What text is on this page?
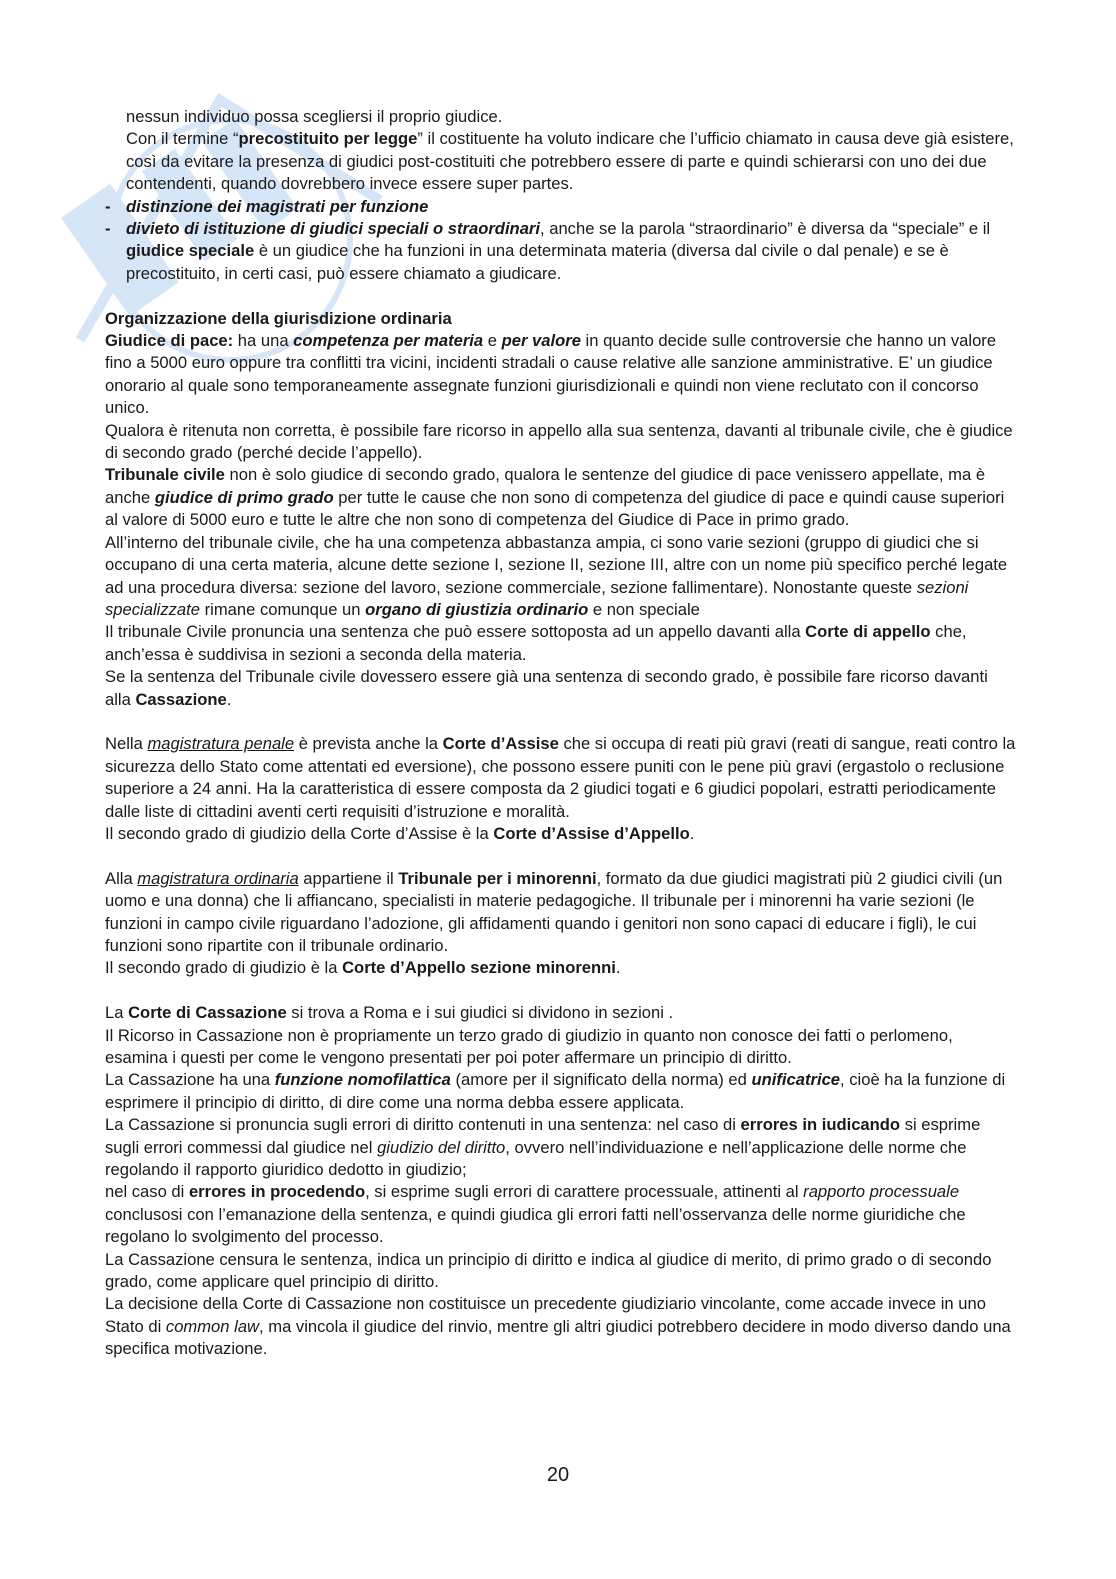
nessun individuo possa scegliersi il proprio giudice.
Con il termine “precostituito per legge” il costituente ha voluto indicare che l’ufficio chiamato in causa deve già esistere, così da evitare la presenza di giudici post-costituiti che potrebbero essere di parte e quindi schierarsi con uno dei due contendenti, quando dovrebbero invece essere super partes.

- distinzione dei magistrati per funzione
- divieto di istituzione di giudici speciali o straordinari, anche se la parola “straordinario” è diversa da “speciale” e il giudice speciale è un giudice che ha funzioni in una determinata materia (diversa dal civile o dal penale) e se è precostituito, in certi casi, può essere chiamato a giudicare.

Organizzazione della giurisdizione ordinaria

Giudice di pace: ha una competenza per materia e per valore in quanto decide sulle controversie che hanno un valore fino a 5000 euro oppure tra conflitti tra vicini, incidenti stradali o cause relative alle sanzione amministrative. E’ un giudice onorario al quale sono temporaneamente assegnate funzioni giurisdizionali e quindi non viene reclutato con il concorso unico.

Qualora è ritenuta non corretta, è possibile fare ricorso in appello alla sua sentenza, davanti al tribunale civile, che è giudice di secondo grado (perché decide l’appello).

Tribunale civile non è solo giudice di secondo grado, qualora le sentenze del giudice di pace venissero appellate, ma è anche giudice di primo grado per tutte le cause che non sono di competenza del giudice di pace e quindi cause superiori al valore di 5000 euro e tutte le altre che non sono di competenza del Giudice di Pace in primo grado.

All’interno del tribunale civile, che ha una competenza abbastanza ampia, ci sono varie sezioni (gruppo di giudici che si occupano di una certa materia, alcune dette sezione I, sezione II, sezione III, altre con un nome più specifico perché legate ad una procedura diversa: sezione del lavoro, sezione commerciale, sezione fallimentare). Nonostante queste sezioni specializzate rimane comunque un organo di giustizia ordinario e non speciale

Il tribunale Civile pronuncia una sentenza che può essere sottoposta ad un appello davanti alla Corte di appello che, anch’essa è suddivisa in sezioni a seconda della materia.

Se la sentenza del Tribunale civile dovessero essere già una sentenza di secondo grado, è possibile fare ricorso davanti alla Cassazione.

Nella magistratura penale è prevista anche la Corte d’Assise che si occupa di reati più gravi (reati di sangue, reati contro la sicurezza dello Stato come attentati ed eversione), che possono essere puniti con le pene più gravi (ergastolo o reclusione superiore a 24 anni. Ha la caratteristica di essere composta da 2 giudici togati e 6 giudici popolari, estratti periodicamente dalle liste di cittadini aventi certi requisiti d’istruzione e moralità.

Il secondo grado di giudizio della Corte d’Assise è la Corte d’Assise d’Appello.

Alla magistratura ordinaria appartiene il Tribunale per i minorenni, formato da due giudici magistrati più 2 giudici civili (un uomo e una donna) che li affiancano, specialisti in materie pedagogiche. Il tribunale per i minorenni ha varie sezioni (le funzioni in campo civile riguardano l’adozione, gli affidamenti quando i genitori non sono capaci di educare i figli), le cui funzioni sono ripartite con il tribunale ordinario.

Il secondo grado di giudizio è la Corte d’Appello sezione minorenni.

La Corte di Cassazione si trova a Roma e i sui giudici si dividono in sezioni .

Il Ricorso in Cassazione non è propriamente un terzo grado di giudizio in quanto non conosce dei fatti o perlomeno, esamina i questi per come le vengono presentati per poi poter affermare un principio di diritto.

La Cassazione ha una funzione nomofilattica (amore per il significato della norma) ed unificatrice, cioè ha la funzione di esprimere il principio di diritto, di dire come una norma debba essere applicata.

La Cassazione si pronuncia sugli errori di diritto contenuti in una sentenza: nel caso di errores in iudicando si esprime sugli errori commessi dal giudice nel giudizio del diritto, ovvero nell’individuazione e nell’applicazione delle norme che regolando il rapporto giuridico dedotto in giudizio;

nel caso di errores in procedendo, si esprime sugli errori di carattere processuale, attinenti al rapporto processuale conclusosi con l’emanazione della sentenza, e quindi giudica gli errori fatti nell’osservanza delle norme giuridiche che regolano lo svolgimento del processo.

La Cassazione censura le sentenza, indica un principio di diritto e indica al giudice di merito, di primo grado o di secondo grado, come applicare quel principio di diritto.

La decisione della Corte di Cassazione non costituisce un precedente giudiziario vincolante, come accade invece in uno Stato di common law, ma vincola il giudice del rinvio, mentre gli altri giudici potrebbero decidere in modo diverso dando una specifica motivazione.

20
